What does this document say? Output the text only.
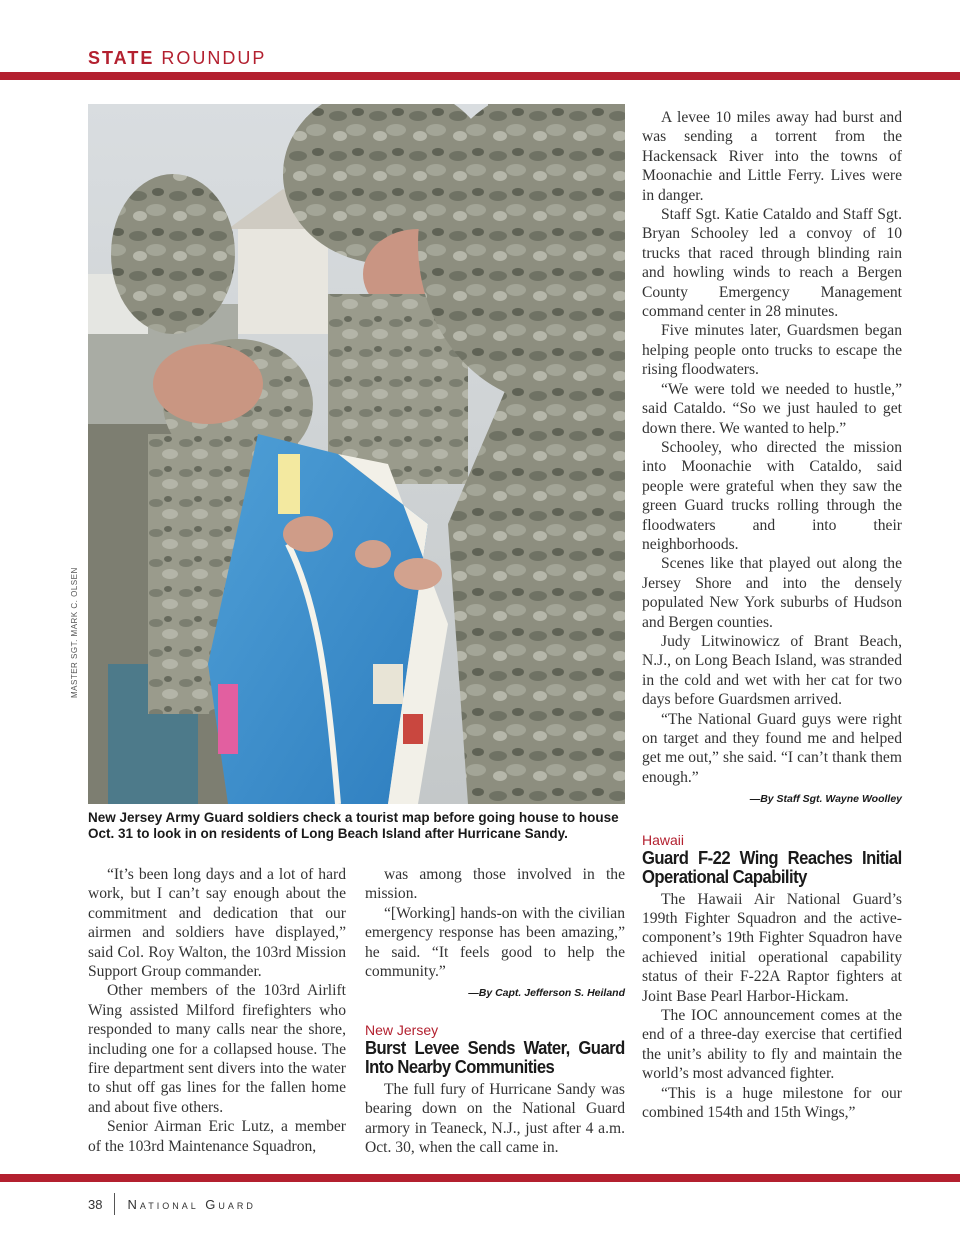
STATE ROUNDUP
MASTER SGT. MARK C. OLSEN
New Jersey Army Guard soldiers check a tourist map before going house to house Oct. 31 to look in on residents of Long Beach Island after Hurricane Sandy.

“It’s been long days and a lot of hard work, but I can’t say enough about the commitment and dedication that our airmen and soldiers have displayed,” said Col. Roy Walton, the 103rd Mission Support Group commander.

Other members of the 103rd Airlift Wing assisted Milford firefighters who responded to many calls near the shore, including one for a collapsed house. The fire department sent divers into the water to shut off gas lines for the fallen home and about five others.

Senior Airman Eric Lutz, a member of the 103rd Maintenance Squadron,

was among those involved in the mission.

“[Working] hands-on with the civilian emergency response has been amazing,” he said. “It feels good to help the community.”

—By Capt. Jefferson S. Heiland
New Jersey
Burst Levee Sends Water, Guard Into Nearby Communities

The full fury of Hurricane Sandy was bearing down on the National Guard armory in Teaneck, N.J., just after 4 a.m. Oct. 30, when the call came in.

A levee 10 miles away had burst and was sending a torrent from the Hackensack River into the towns of Moonachie and Little Ferry. Lives were in danger.

Staff Sgt. Katie Cataldo and Staff Sgt. Bryan Schooley led a convoy of 10 trucks that raced through blinding rain and howling winds to reach a Bergen County Emergency Management command center in 28 minutes.

Five minutes later, Guardsmen began helping people onto trucks to escape the rising floodwaters.

“We were told we needed to hustle,” said Cataldo. “So we just hauled to get down there. We wanted to help.”

Schooley, who directed the mission into Moonachie with Cataldo, said people were grateful when they saw the green Guard trucks rolling through the floodwaters and into their neighborhoods.

Scenes like that played out along the Jersey Shore and into the densely populated New York suburbs of Hudson and Bergen counties.

Judy Litwinowicz of Brant Beach, N.J., on Long Beach Island, was stranded in the cold and wet with her cat for two days before Guardsmen arrived.

“The National Guard guys were right on target and they found me and helped get me out,” she said. “I can’t thank them enough.”

—By Staff Sgt. Wayne Woolley
Hawaii
Guard F-22 Wing Reaches Initial Operational Capability

The Hawaii Air National Guard’s 199th Fighter Squadron and the active-component’s 19th Fighter Squadron have achieved initial operational capability status of their F-22A Raptor fighters at Joint Base Pearl Harbor-Hickam.

The IOC announcement comes at the end of a three-day exercise that certified the unit’s ability to fly and maintain the world’s most advanced fighter.

“This is a huge milestone for our combined 154th and 15th Wings,”

38 National Guard
